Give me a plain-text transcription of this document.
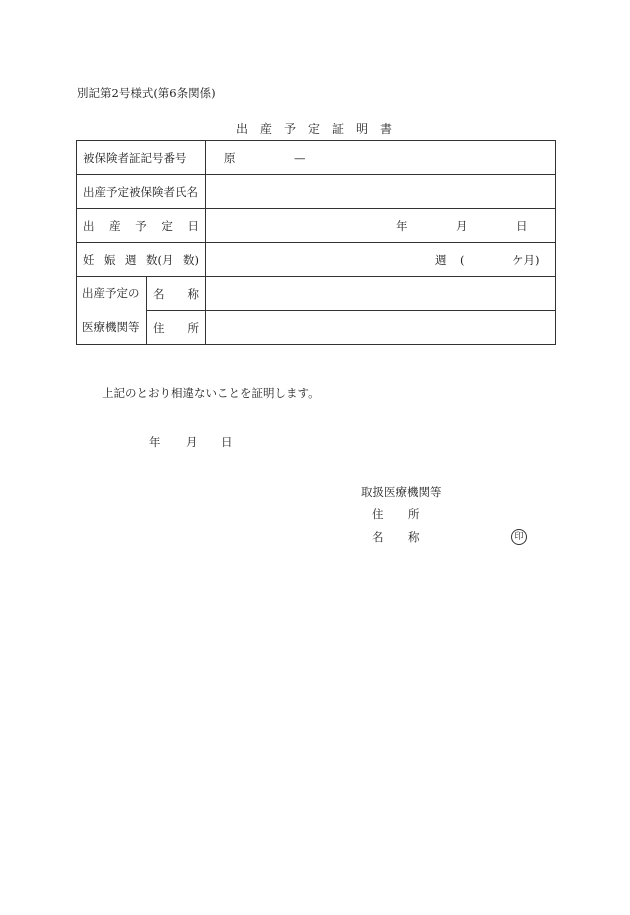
別記第2号様式(第6条関係)
出産予定証明書
被保険者証記号番号		原 —

出産予定被保険者氏名		

出 産 予 定 日		年 月 日

妊 娠 週 数(月 数)		週 ( ケ月)

出産予定の
医療機関等	名 称	

	住 所	

上記のとおり相違ないことを証明します。
年 月 日
取扱医療機関等
住 所
名 称	印
